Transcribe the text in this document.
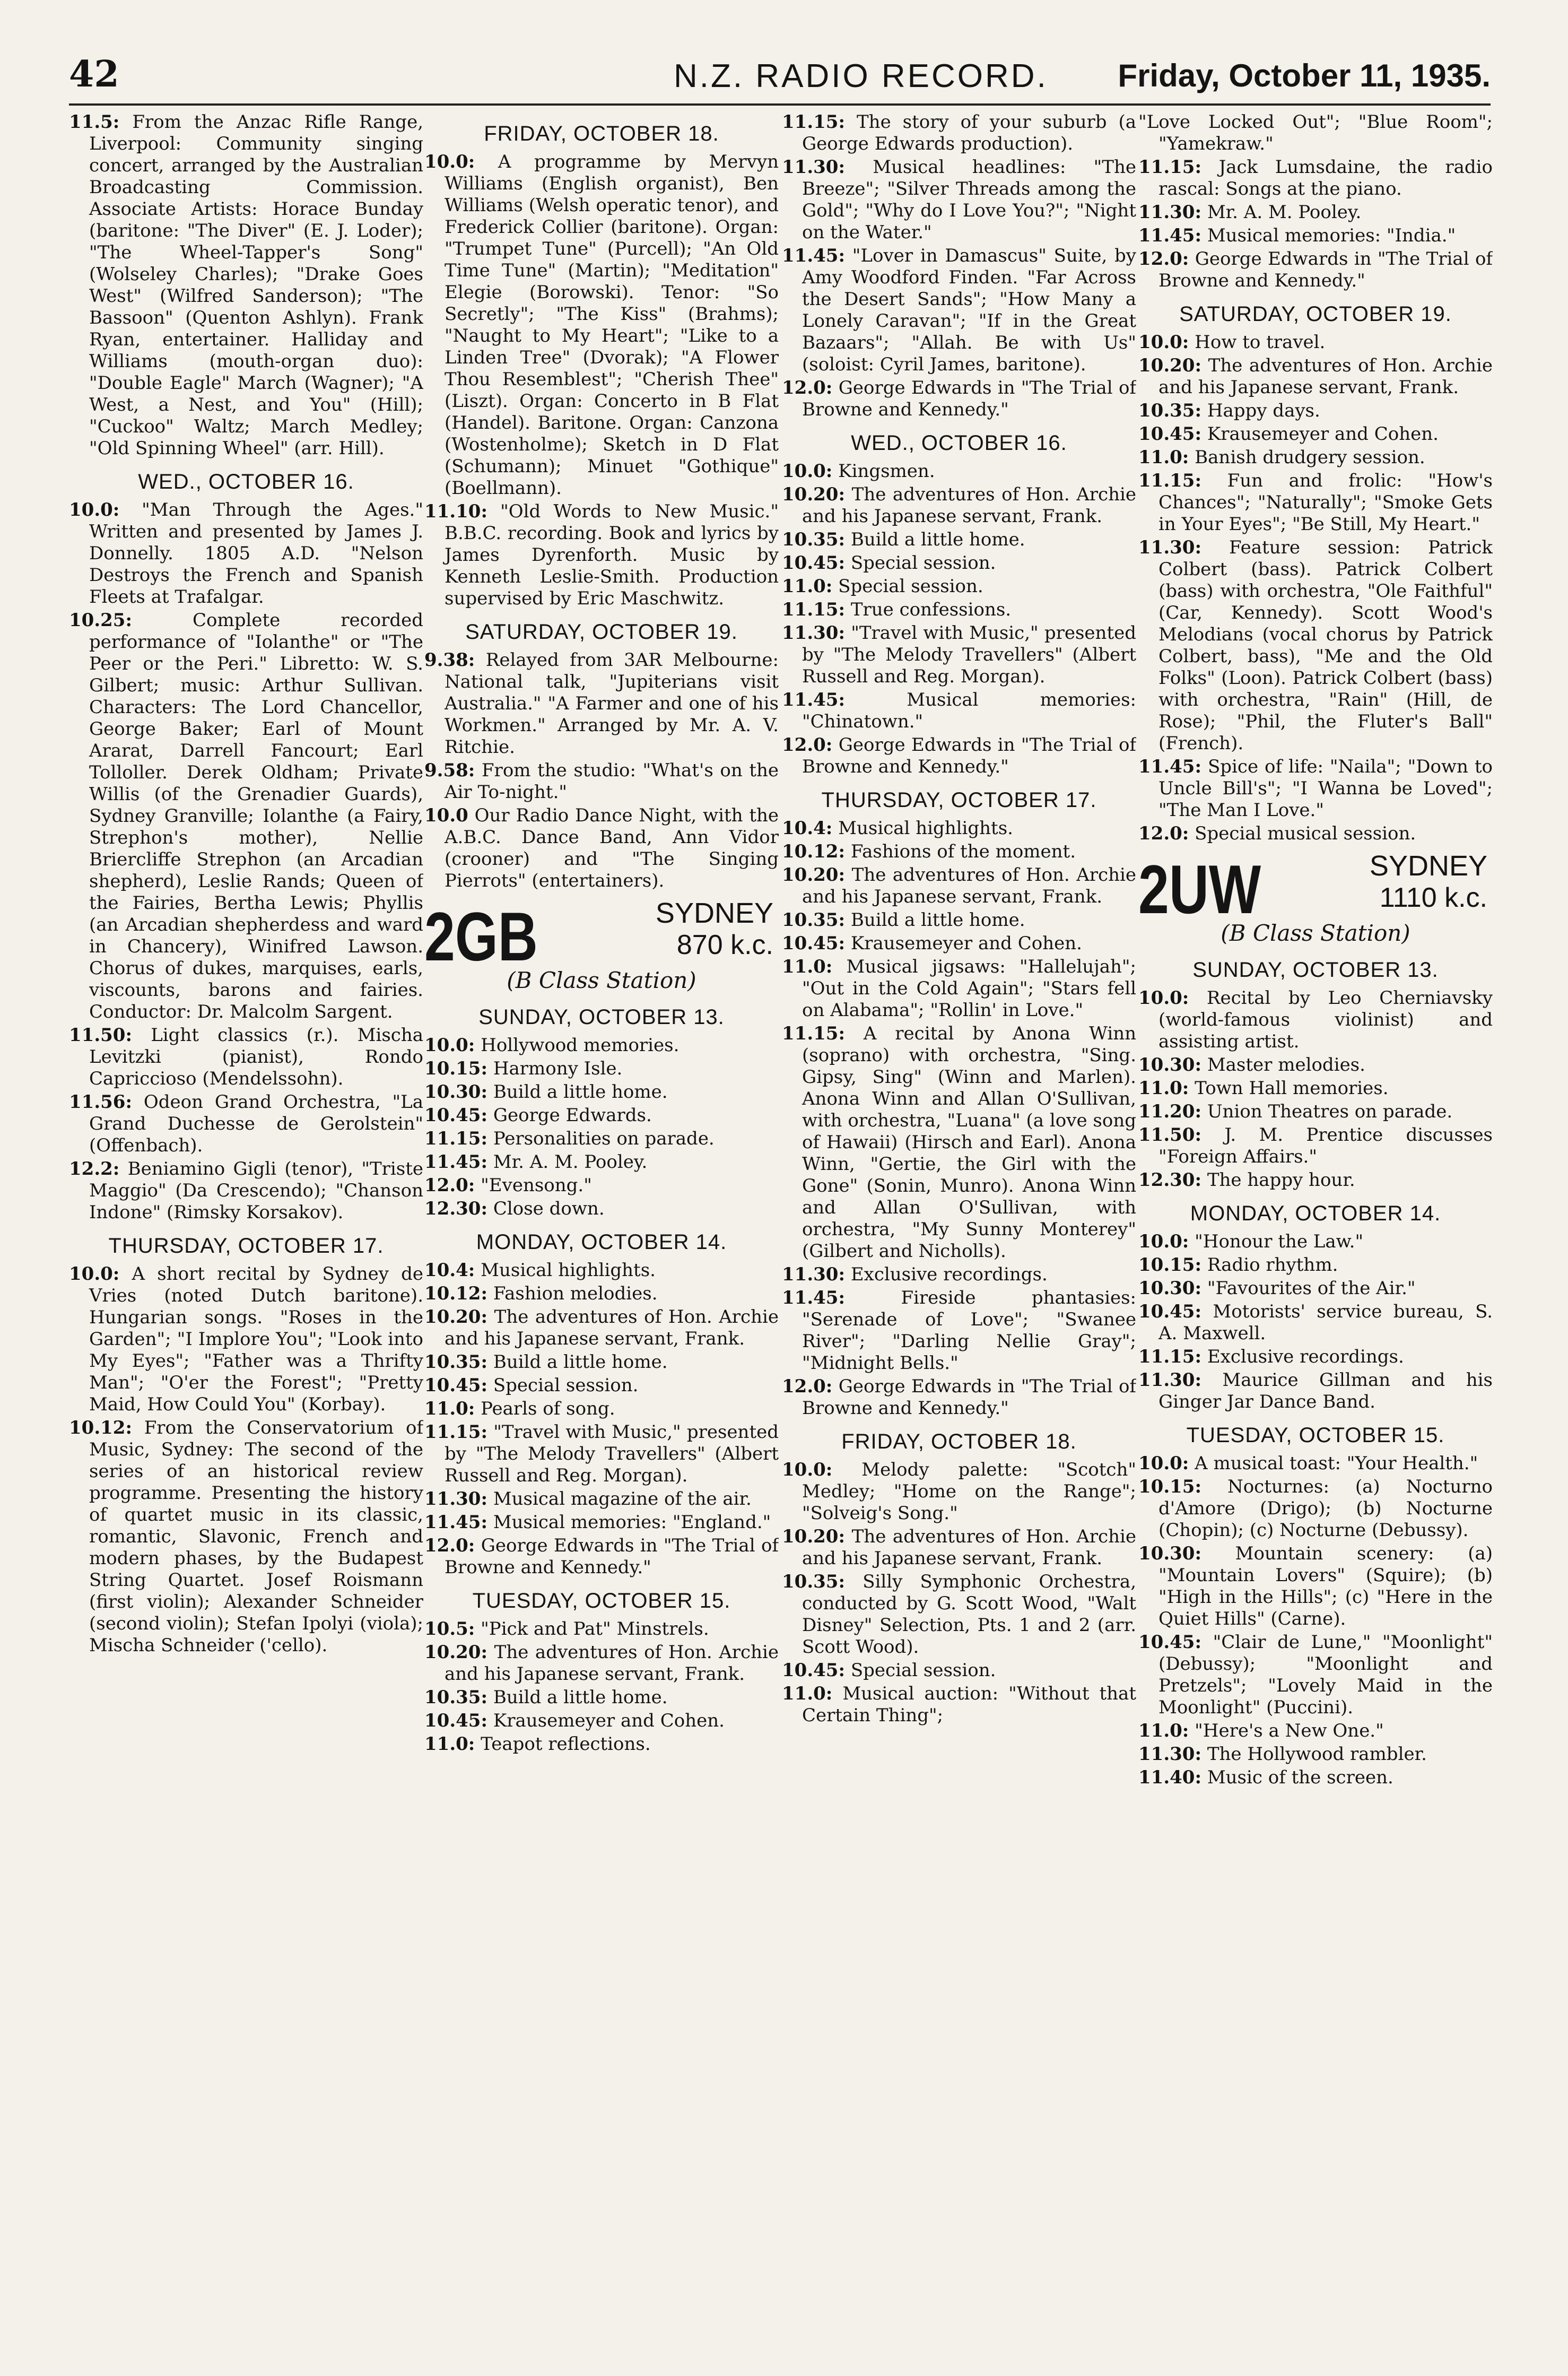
42	N.Z. RADIO RECORD. Friday, October 11, 1935.
11.5: From the Anzac Rifle Range, Liverpool: Community singing concert, arranged by the Australian Broadcasting Commission. Associate Artists: Horace Bunday (baritone: "The Diver" (E. J. Loder); "The Wheel-Tapper's Song" (Wolseley Charles); "Drake Goes West" (Wilfred Sanderson); "The Bassoon" (Quenton Ashlyn). Frank Ryan, entertainer. Halliday and Williams (mouth-organ duo): "Double Eagle" March (Wagner); "A West, a Nest, and You" (Hill); "Cuckoo" Waltz; March Medley; "Old Spinning Wheel" (arr. Hill).
WED., OCTOBER 16.
10.0: "Man Through the Ages." Written and presented by James J. Donnelly. 1805 A.D. "Nelson Destroys the French and Spanish Fleets at Trafalgar.
10.25:	Complete recorded performance of "Iolanthe" or "The Peer or the Peri." Libretto: W. S. Gilbert; music: Arthur Sullivan. Characters: The Lord Chancellor, George Baker; Earl of Mount Ararat, Darrell Fancourt; Earl Tolloller. Derek Oldham; Private Willis (of the Grenadier Guards), Sydney Granville; Iolanthe (a Fairy, Strephon's mother), Nellie Briercliffe Strephon (an Arcadian shepherd), Leslie Rands; Queen of the Fairies, Bertha Lewis; Phyllis (an Arcadian shepherdess and ward in Chancery), Winifred Lawson. Chorus of dukes, marquises, earls, viscounts, barons and fairies. Conductor: Dr. Malcolm Sargent.
11.50: Light classics (r.). Mischa Levitzki (pianist), Rondo Capriccioso (Mendelssohn).
11.56: Odeon Grand Orchestra, "La Grand Duchesse de Gerolstein" (Offenbach).
12.2: Beniamino Gigli (tenor), "Triste Maggio" (Da Crescendo); "Chanson Indone" (Rimsky Korsakov).
THURSDAY, OCTOBER 17.
10.0: A short recital by Sydney de Vries (noted Dutch baritone). Hungarian songs. "Roses in the Garden"; "I Implore You"; "Look into My Eyes"; "Father was a Thrifty Man"; "O'er the Forest"; "Pretty Maid, How Could You" (Korbay).
10.12: From the Conservatorium of Music, Sydney: The second of the series of an historical review programme. Presenting the history of quartet music in its classic, romantic, Slavonic, French and modern phases, by the Budapest String Quartet. Josef Roismann (first violin); Alexander Schneider (second violin); Stefan Ipolyi (viola); Mischa Schneider ('cello).
FRIDAY, OCTOBER 18.
10.0: A programme by Mervyn Williams (English organist), Ben Williams (Welsh operatic tenor), and Frederick Collier (baritone). Organ: "Trumpet Tune" (Purcell); "An Old Time Tune" (Martin); "Meditation" Elegie (Borowski). Tenor: "So Secretly"; "The Kiss" (Brahms); "Naught to My Heart"; "Like to a Linden Tree" (Dvorak); "A Flower Thou Resemblest"; "Cherish Thee" (Liszt). Organ: Concerto in B Flat (Handel). Baritone. Organ: Canzona (Wostenholme); Sketch in D Flat (Schumann); Minuet "Gothique" (Boellmann).
11.10: "Old Words to New Music." B.B.C. recording. Book and lyrics by James Dyrenforth. Music by Kenneth Leslie-Smith. Production supervised by Eric Maschwitz.
SATURDAY, OCTOBER 19.
9.38: Relayed from 3AR Melbourne: National talk, "Jupiterians visit Australia." "A Farmer and one of his Workmen." Arranged by Mr. A. V. Ritchie.
9.58: From the studio: "What's on the Air To-night."
10.0 Our Radio Dance Night, with the A.B.C. Dance Band, Ann Vidor (crooner) and "The Singing Pierrots" (entertainers).
2GB	SYDNEY
870 k.c.
(B Class Station)
SUNDAY, OCTOBER 13.
10.0: Hollywood memories.
10.15: Harmony Isle.
10.30: Build a little home.
10.45: George Edwards.
11.15: Personalities on parade.
11.45: Mr. A. M. Pooley.
12.0: "Evensong."
12.30: Close down.
MONDAY, OCTOBER 14.
10.4: Musical highlights.
10.12: Fashion melodies.
10.20: The adventures of Hon. Archie and his Japanese servant, Frank.
10.35: Build a little home.
10.45: Special session.
11.0: Pearls of song.
11.15: "Travel with Music," presented by "The Melody Travellers" (Albert Russell and Reg. Morgan).
11.30: Musical magazine of the air.
11.45: Musical memories: "England."
12.0: George Edwards in "The Trial of Browne and Kennedy."
TUESDAY, OCTOBER 15.
10.5: "Pick and Pat" Minstrels.
10.20: The adventures of Hon. Archie and his Japanese servant, Frank.
10.35: Build a little home.
10.45: Krausemeyer and Cohen.
11.0: Teapot reflections.
11.15: The story of your suburb (a George Edwards production).
11.30: Musical headlines: "The Breeze"; "Silver Threads among the Gold"; "Why do I Love You?"; "Night on the Water."
11.45: "Lover in Damascus" Suite, by Amy Woodford Finden. "Far Across the Desert Sands"; "How Many a Lonely Caravan"; "If in the Great Bazaars"; "Allah. Be with Us" (soloist: Cyril James, baritone).
12.0: George Edwards in "The Trial of Browne and Kennedy."
WED., OCTOBER 16.
10.0: Kingsmen.
10.20: The adventures of Hon. Archie and his Japanese servant, Frank.
10.35: Build a little home.
10.45: Special session.
11.0: Special session.
11.15: True confessions.
11.30: "Travel with Music," presented by "The Melody Travellers" (Albert Russell and Reg. Morgan).
11.45:	Musical memories: "Chinatown."
12.0: George Edwards in "The Trial of Browne and Kennedy."
THURSDAY, OCTOBER 17.
10.4: Musical highlights.
10.12: Fashions of the moment.
10.20: The adventures of Hon. Archie and his Japanese servant, Frank.
10.35: Build a little home.
10.45: Krausemeyer and Cohen.
11.0: Musical jigsaws: "Hallelujah"; "Out in the Cold Again"; "Stars fell on Alabama"; "Rollin' in Love."
11.15: A recital by Anona Winn (soprano) with orchestra, "Sing. Gipsy, Sing" (Winn and Marlen). Anona Winn and Allan O'Sullivan, with orchestra, "Luana" (a love song of Hawaii) (Hirsch and Earl). Anona Winn, "Gertie, the Girl with the Gone" (Sonin, Munro). Anona Winn and Allan O'Sullivan, with orchestra, "My Sunny Monterey" (Gilbert and Nicholls).
11.30: Exclusive recordings.
11.45:	Fireside phantasies: "Serenade of Love"; "Swanee River"; "Darling Nellie Gray"; "Midnight Bells."
12.0: George Edwards in "The Trial of Browne and Kennedy."
FRIDAY, OCTOBER 18.
10.0: Melody palette: "Scotch" Medley; "Home on the Range"; "Solveig's Song."
10.20: The adventures of Hon. Archie and his Japanese servant, Frank.
10.35: Silly Symphonic Orchestra, conducted by G. Scott Wood, "Walt Disney" Selection, Pts. 1 and 2 (arr. Scott Wood).
10.45: Special session.
11.0: Musical auction: "Without that Certain Thing";
"Love Locked Out"; "Blue Room"; "Yamekraw."
11.15: Jack Lumsdaine, the radio rascal: Songs at the piano.
11.30: Mr. A. M. Pooley.
11.45: Musical memories: "India."
12.0: George Edwards in "The Trial of Browne and Kennedy."
SATURDAY, OCTOBER 19.
10.0: How to travel.
10.20: The adventures of Hon. Archie and his Japanese servant, Frank.
10.35: Happy days.
10.45: Krausemeyer and Cohen.
11.0: Banish drudgery session.
11.15: Fun and frolic: "How's Chances"; "Naturally"; "Smoke Gets in Your Eyes"; "Be Still, My Heart."
11.30: Feature session: Patrick Colbert (bass). Patrick Colbert (bass) with orchestra, "Ole Faithful" (Car, Kennedy). Scott Wood's Melodians (vocal chorus by Patrick Colbert, bass), "Me and the Old Folks" (Loon). Patrick Colbert (bass) with orchestra, "Rain" (Hill, de Rose); "Phil, the Fluter's Ball" (French).
11.45: Spice of life: "Naila"; "Down to Uncle Bill's"; "I Wanna be Loved"; "The Man I Love."
12.0: Special musical session.
2UW	SYDNEY
1110 k.c.
(B Class Station)
SUNDAY, OCTOBER 13.
10.0: Recital by Leo Cherniavsky (world-famous violinist) and assisting artist.
10.30: Master melodies.
11.0: Town Hall memories.
11.20: Union Theatres on parade.
11.50: J. M. Prentice discusses "Foreign Affairs."
12.30: The happy hour.
MONDAY, OCTOBER 14.
10.0: "Honour the Law."
10.15: Radio rhythm.
10.30: "Favourites of the Air."
10.45: Motorists' service bureau, S. A. Maxwell.
11.15: Exclusive recordings.
11.30: Maurice Gillman and his Ginger Jar Dance Band.
TUESDAY, OCTOBER 15.
10.0: A musical toast: "Your Health."
10.15: Nocturnes: (a) Nocturno d'Amore (Drigo); (b) Nocturne (Chopin); (c) Nocturne (Debussy).
10.30: Mountain scenery: (a) "Mountain Lovers" (Squire); (b) "High in the Hills"; (c) "Here in the Quiet Hills" (Carne).
10.45: "Clair de Lune," "Moonlight" (Debussy); "Moonlight and Pretzels"; "Lovely Maid in the Moonlight" (Puccini).
11.0: "Here's a New One."
11.30: The Hollywood rambler.
11.40: Music of the screen.
